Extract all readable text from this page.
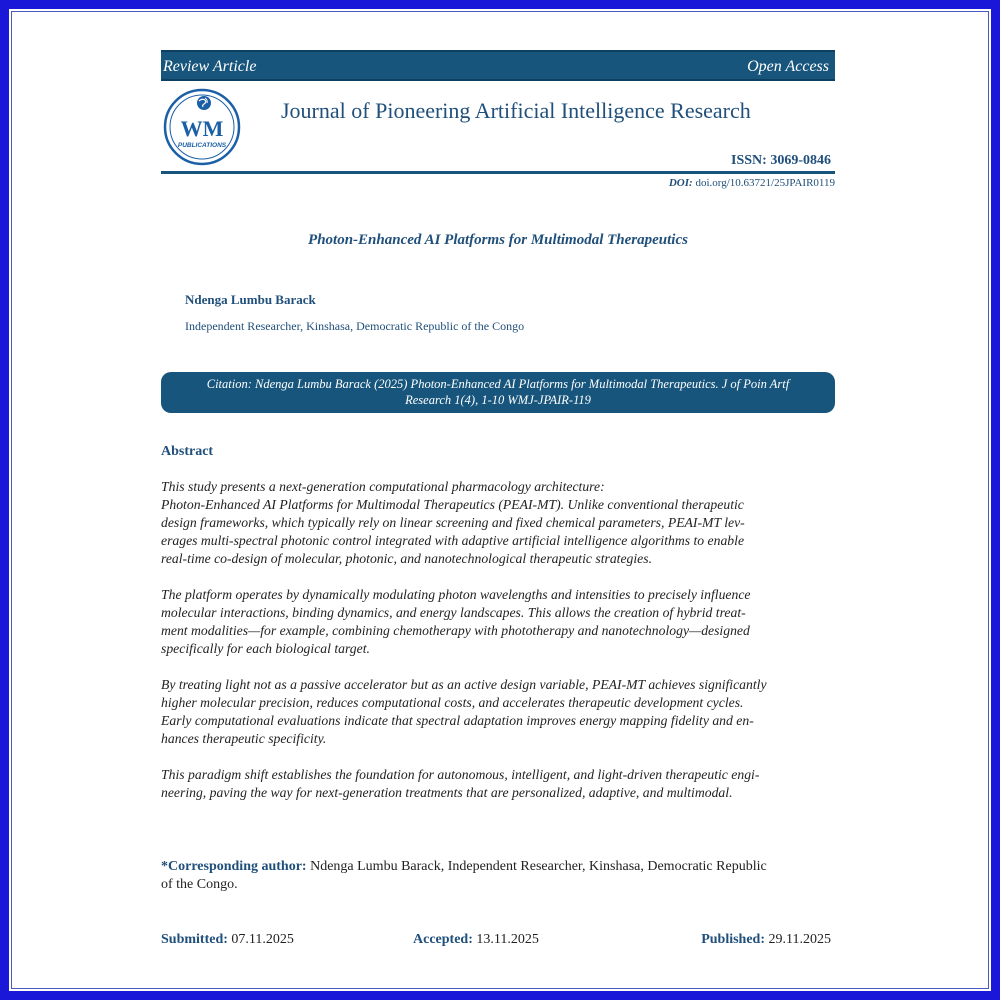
Review Article	Open Access
WM
PUBLICATIONS
Journal of Pioneering Artificial Intelligence Research
ISSN: 3069-0846
DOI: doi.org/10.63721/25JPAIR0119
Photon-Enhanced AI Platforms for Multimodal Therapeutics
Ndenga Lumbu Barack
Independent Researcher, Kinshasa, Democratic Republic of the Congo
Citation: Ndenga Lumbu Barack (2025) Photon-Enhanced AI Platforms for Multimodal Therapeutics. J of Poin Artf
Research 1(4), 1-10 WMJ-JPAIR-119
Abstract

This study presents a next-generation computational pharmacology architecture:
Photon-Enhanced AI Platforms for Multimodal Therapeutics (PEAI-MT). Unlike conventional therapeutic
design frameworks, which typically rely on linear screening and fixed chemical parameters, PEAI-MT lev-
erages multi-spectral photonic control integrated with adaptive artificial intelligence algorithms to enable
real-time co-design of molecular, photonic, and nanotechnological therapeutic strategies.

The platform operates by dynamically modulating photon wavelengths and intensities to precisely influence
molecular interactions, binding dynamics, and energy landscapes. This allows the creation of hybrid treat-
ment modalities—for example, combining chemotherapy with phototherapy and nanotechnology—designed
specifically for each biological target.

By treating light not as a passive accelerator but as an active design variable, PEAI-MT achieves significantly
higher molecular precision, reduces computational costs, and accelerates therapeutic development cycles.
Early computational evaluations indicate that spectral adaptation improves energy mapping fidelity and en-
hances therapeutic specificity.

This paradigm shift establishes the foundation for autonomous, intelligent, and light-driven therapeutic engi-
neering, paving the way for next-generation treatments that are personalized, adaptive, and multimodal.

*Corresponding author: Ndenga Lumbu Barack, Independent Researcher, Kinshasa, Democratic Republic
of the Congo.
Submitted: 07.11.2025	Accepted: 13.11.2025	Published: 29.11.2025
